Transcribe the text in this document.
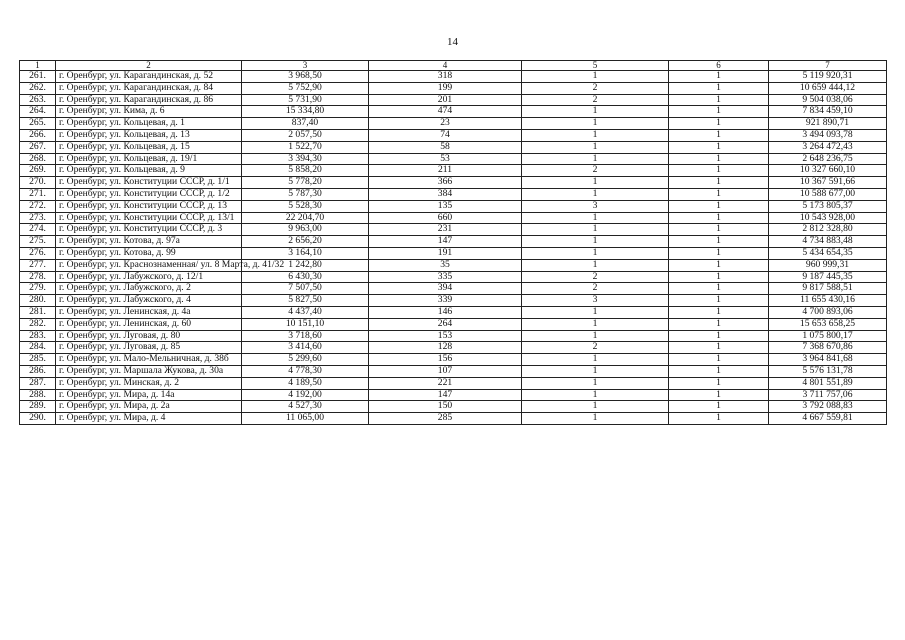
14
1	2	3	4	5	6	7
261.	г. Оренбург, ул. Карагандинская, д. 52	3 968,50	318	1	1	5 119 920,31
262.	г. Оренбург, ул. Карагандинская, д. 84	5 752,90	199	2	1	10 659 444,12
263.	г. Оренбург, ул. Карагандинская, д. 86	5 731,90	201	2	1	9 504 038,06
264.	г. Оренбург, ул. Кима, д. 6	15 334,80	474	1	1	7 834 459,10
265.	г. Оренбург, ул. Кольцевая, д. 1	837,40	23	1	1	921 890,71
266.	г. Оренбург, ул. Кольцевая, д. 13	2 057,50	74	1	1	3 494 093,78
267.	г. Оренбург, ул. Кольцевая, д. 15	1 522,70	58	1	1	3 264 472,43
268.	г. Оренбург, ул. Кольцевая, д. 19/1	3 394,30	53	1	1	2 648 236,75
269.	г. Оренбург, ул. Кольцевая, д. 9	5 858,20	211	2	1	10 327 660,10
270.	г. Оренбург, ул. Конституции СССР, д. 1/1	5 778,20	366	1	1	10 367 591,66
271.	г. Оренбург, ул. Конституции СССР, д. 1/2	5 787,30	384	1	1	10 588 677,00
272.	г. Оренбург, ул. Конституции СССР, д. 13	5 528,30	135	3	1	5 173 805,37
273.	г. Оренбург, ул. Конституции СССР, д. 13/1	22 204,70	660	1	1	10 543 928,00
274.	г. Оренбург, ул. Конституции СССР, д. 3	9 963,00	231	1	1	2 812 328,80
275.	г. Оренбург, ул. Котова, д. 97а	2 656,20	147	1	1	4 734 883,48
276.	г. Оренбург, ул. Котова, д. 99	3 164,10	191	1	1	5 434 654,35
277.	г. Оренбург, ул. Краснознаменная/ ул. 8 Марта, д. 41/32	1 242,80	35	1	1	960 999,31
278.	г. Оренбург, ул. Лабужского, д. 12/1	6 430,30	335	2	1	9 187 445,35
279.	г. Оренбург, ул. Лабужского, д. 2	7 507,50	394	2	1	9 817 588,51
280.	г. Оренбург, ул. Лабужского, д. 4	5 827,50	339	3	1	11 655 430,16
281.	г. Оренбург, ул. Ленинская, д. 4а	4 437,40	146	1	1	4 700 893,06
282.	г. Оренбург, ул. Ленинская, д. 60	10 151,10	264	1	1	15 653 658,25
283.	г. Оренбург, ул. Луговая, д. 80	3 718,60	153	1	1	1 075 800,17
284.	г. Оренбург, ул. Луговая, д. 85	3 414,60	128	2	1	7 368 670,86
285.	г. Оренбург, ул. Мало-Мельничная, д. 38б	5 299,60	156	1	1	3 964 841,68
286.	г. Оренбург, ул. Маршала Жукова, д. 30а	4 778,30	107	1	1	5 576 131,78
287.	г. Оренбург, ул. Минская, д. 2	4 189,50	221	1	1	4 801 551,89
288.	г. Оренбург, ул. Мира, д. 14а	4 192,00	147	1	1	3 711 757,06
289.	г. Оренбург, ул. Мира, д. 2а	4 527,30	150	1	1	3 792 088,83
290.	г. Оренбург, ул. Мира, д. 4	11 065,00	285	1	1	4 667 559,81
